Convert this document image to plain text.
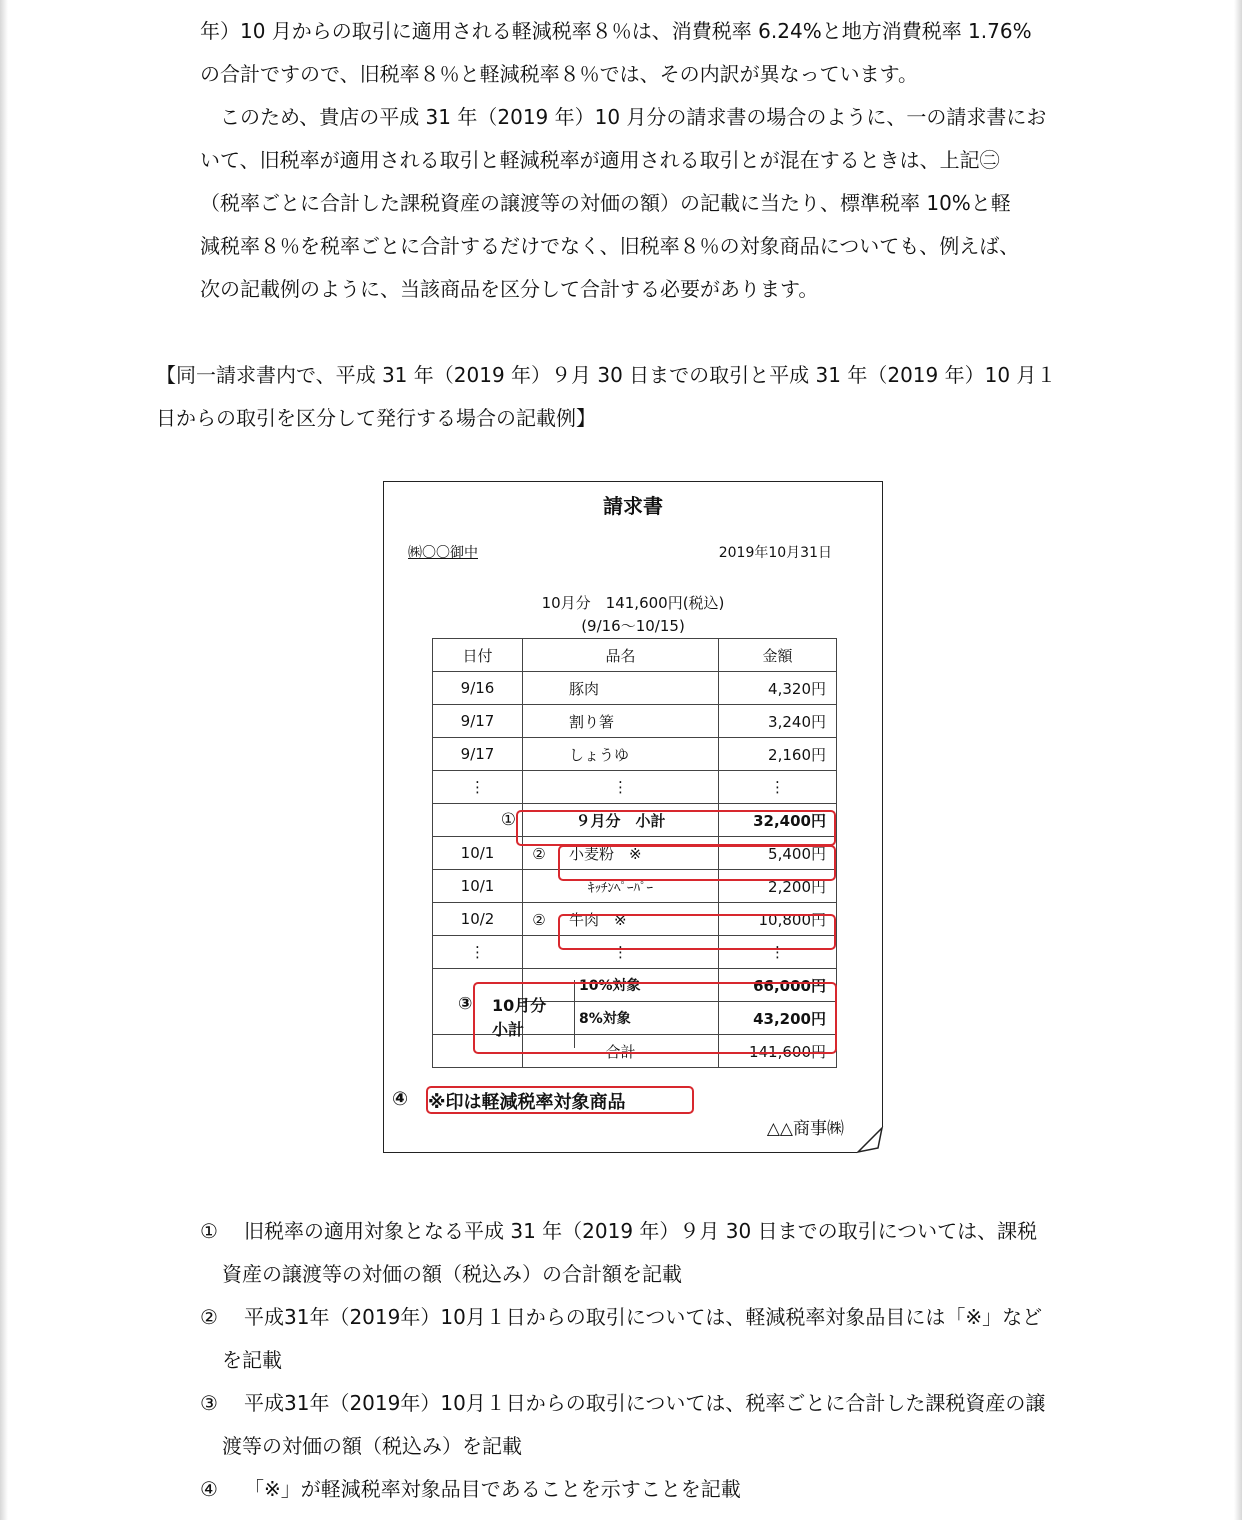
年）10 月からの取引に適用される軽減税率８％は、消費税率 6.24%と地方消費税率 1.76%
の合計ですので、旧税率８％と軽減税率８％では、その内訳が異なっています。
　このため、貴店の平成 31 年（2019 年）10 月分の請求書の場合のように、一の請求書にお
いて、旧税率が適用される取引と軽減税率が適用される取引とが混在するときは、上記㊁
（税率ごとに合計した課税資産の譲渡等の対価の額）の記載に当たり、標準税率 10%と軽
減税率８％を税率ごとに合計するだけでなく、旧税率８％の対象商品についても、例えば、
次の記載例のように、当該商品を区分して合計する必要があります。
【同一請求書内で、平成 31 年（2019 年）９月 30 日までの取引と平成 31 年（2019 年）10 月１
日からの取引を区分して発行する場合の記載例】
請求書
㈱〇〇御中	2019年10月31日
10月分　141,600円(税込)
(9/16～10/15)
日付	品名	金額
9/16	豚肉	4,320円
9/17	割り箸	3,240円
9/17	しょうゆ	2,160円
⋮	⋮	⋮
①	９月分　小計	32,400円
10/1	② 小麦粉　※	5,400円
10/1	ｷｯﾁﾝﾍﾟｰﾊﾟｰ	2,200円
10/2	② 牛肉　※	10,800円
⋮	⋮	⋮
	10%対象	66,000円
	8%対象	43,200円
	合計	141,600円
③ 10月分
小計
④ ※印は軽減税率対象商品
△△商事㈱
①	旧税率の適用対象となる平成 31 年（2019 年）９月 30 日までの取引については、課税
資産の譲渡等の対価の額（税込み）の合計額を記載
②	平成31年（2019年）10月１日からの取引については、軽減税率対象品目には「※」など
を記載
③	平成31年（2019年）10月１日からの取引については、税率ごとに合計した課税資産の譲
渡等の対価の額（税込み）を記載
④	「※」が軽減税率対象品目であることを示すことを記載
